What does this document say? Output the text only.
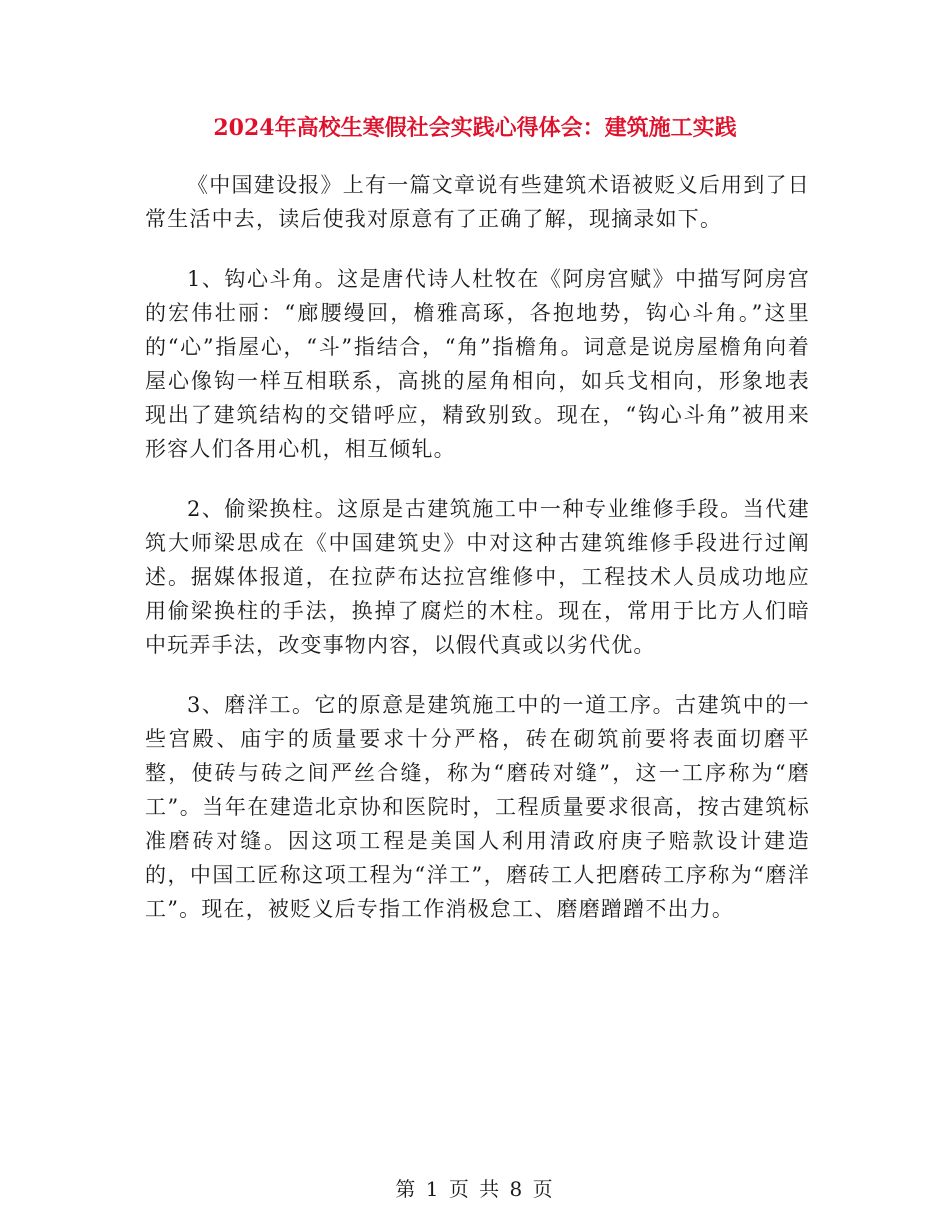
2024年高校生寒假社会实践心得体会：建筑施工实践

《中国建设报》上有一篇文章说有些建筑术语被贬义后用到了日常生活中去，读后使我对原意有了正确了解，现摘录如下。

1、钩心斗角。这是唐代诗人杜牧在《阿房宫赋》中描写阿房宫的宏伟壮丽：“廊腰缦回，檐雅高琢，各抱地势，钩心斗角。”这里的“心”指屋心，“斗”指结合，“角”指檐角。词意是说房屋檐角向着屋心像钩一样互相联系，高挑的屋角相向，如兵戈相向，形象地表现出了建筑结构的交错呼应，精致别致。现在，“钩心斗角”被用来形容人们各用心机，相互倾轧。

2、偷梁换柱。这原是古建筑施工中一种专业维修手段。当代建筑大师梁思成在《中国建筑史》中对这种古建筑维修手段进行过阐述。据媒体报道，在拉萨布达拉宫维修中，工程技术人员成功地应用偷梁换柱的手法，换掉了腐烂的木柱。现在，常用于比方人们暗中玩弄手法，改变事物内容，以假代真或以劣代优。

3、磨洋工。它的原意是建筑施工中的一道工序。古建筑中的一些宫殿、庙宇的质量要求十分严格，砖在砌筑前要将表面切磨平整，使砖与砖之间严丝合缝，称为“磨砖对缝”，这一工序称为“磨工”。当年在建造北京协和医院时，工程质量要求很高，按古建筑标准磨砖对缝。因这项工程是美国人利用清政府庚子赔款设计建造的，中国工匠称这项工程为“洋工”，磨砖工人把磨砖工序称为“磨洋工”。现在，被贬义后专指工作消极怠工、磨磨蹭蹭不出力。

第 1 页 共 8 页
